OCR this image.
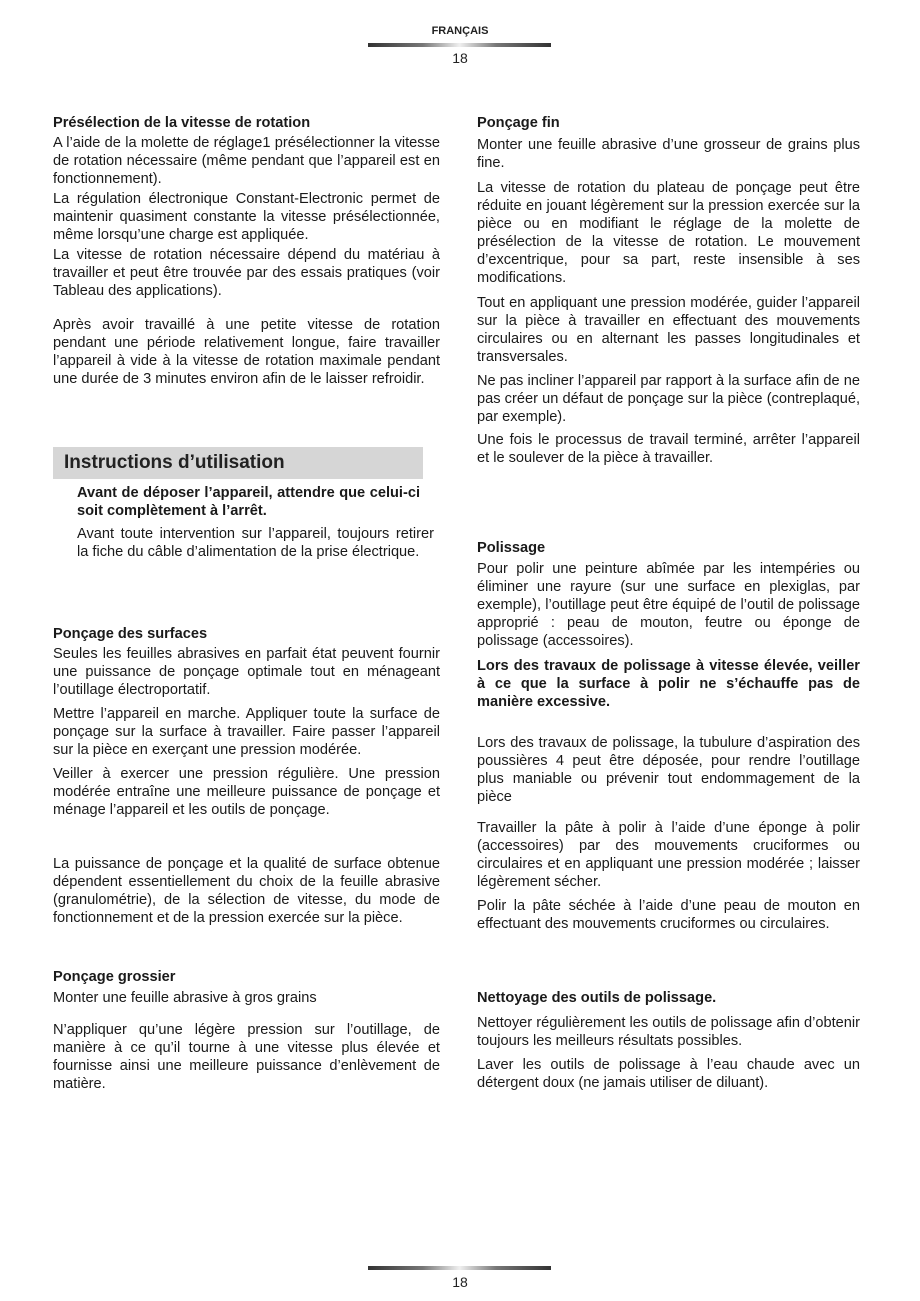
FRANÇAIS
18
Présélection de la vitesse de rotation
A l’aide de la molette de réglage1 présélectionner la vitesse de rotation nécessaire (même pendant que l’appareil est en fonctionnement).
La régulation électronique Constant-Electronic permet de maintenir quasiment constante la vitesse présélectionnée, même lorsqu’une charge est appliquée.
La vitesse de rotation nécessaire dépend du matériau à travailler et peut être trouvée par des essais pratiques (voir Tableau des applications).
Après avoir travaillé à une petite vitesse de rotation pendant une période relativement longue, faire travailler l’appareil à vide à la vitesse de rotation maximale pendant une durée de 3 minutes environ afin de le laisser refroidir.
Instructions d’utilisation
Avant de déposer l’appareil, attendre que celui-ci soit complètement à l’arrêt.
Avant toute intervention sur l’appareil, toujours retirer la fiche du câble d’alimentation de la prise électrique.
Ponçage des surfaces
Seules les feuilles abrasives en parfait état peuvent fournir une puissance de ponçage optimale tout en ménageant l’outillage électroportatif.
Mettre l’appareil en marche. Appliquer toute la surface de ponçage sur la surface à travailler. Faire passer l’appareil sur la pièce en exerçant une pression modérée.
Veiller à exercer une pression régulière. Une pression modérée entraîne une meilleure puissance de ponçage et ménage l’appareil et les outils de ponçage.
La puissance de ponçage et la qualité de surface obtenue dépendent essentiellement du choix de la feuille abrasive (granulométrie), de la sélection de vitesse, du mode de fonctionnement et de la pression exercée sur la pièce.
Ponçage grossier
Monter une feuille abrasive à gros grains
N’appliquer qu’une légère pression sur l’outillage, de manière à ce qu’il tourne à une vitesse plus élevée et fournisse ainsi une meilleure puissance d’enlèvement de matière.
Ponçage fin
Monter une feuille abrasive d’une grosseur de grains plus fine.
La vitesse de rotation du plateau de ponçage peut être réduite en jouant légèrement sur la pression exercée sur la pièce ou en modifiant le réglage de la molette de présélection de la vitesse de rotation. Le mouvement d’excentrique, pour sa part, reste insensible à ses modifications.
Tout en appliquant une pression modérée, guider l’appareil sur la pièce à travailler en effectuant des mouvements circulaires ou en alternant les passes longitudinales et transversales.
Ne pas incliner l’appareil par rapport à la surface afin de ne pas créer un défaut de ponçage sur la pièce (contreplaqué, par exemple).
Une fois le processus de travail terminé, arrêter l’appareil et le soulever de la pièce à travailler.
Polissage
Pour polir une peinture abîmée par les intempéries ou éliminer une rayure (sur une surface en plexiglas, par exemple), l’outillage peut être équipé de l’outil de polissage approprié : peau de mouton, feutre ou éponge de polissage (accessoires).
Lors des travaux de polissage à vitesse élevée, veiller à ce que la surface à polir ne s’échauffe pas de manière excessive.
Lors des travaux de polissage, la tubulure d’aspiration des poussières 4 peut être déposée, pour rendre l’outillage plus maniable ou prévenir tout endommagement de la pièce
Travailler la pâte à polir à l’aide d’une éponge à polir (accessoires) par des mouvements cruciformes ou circulaires et en appliquant une pression modérée ; laisser légèrement sécher.
Polir la pâte séchée à l’aide d’une peau de mouton en effectuant des mouvements cruciformes ou circulaires.
Nettoyage des outils de polissage.
Nettoyer régulièrement les outils de polissage afin d’obtenir toujours les meilleurs résultats possibles.
Laver les outils de polissage à l’eau chaude avec un détergent doux (ne jamais utiliser de diluant).
18
